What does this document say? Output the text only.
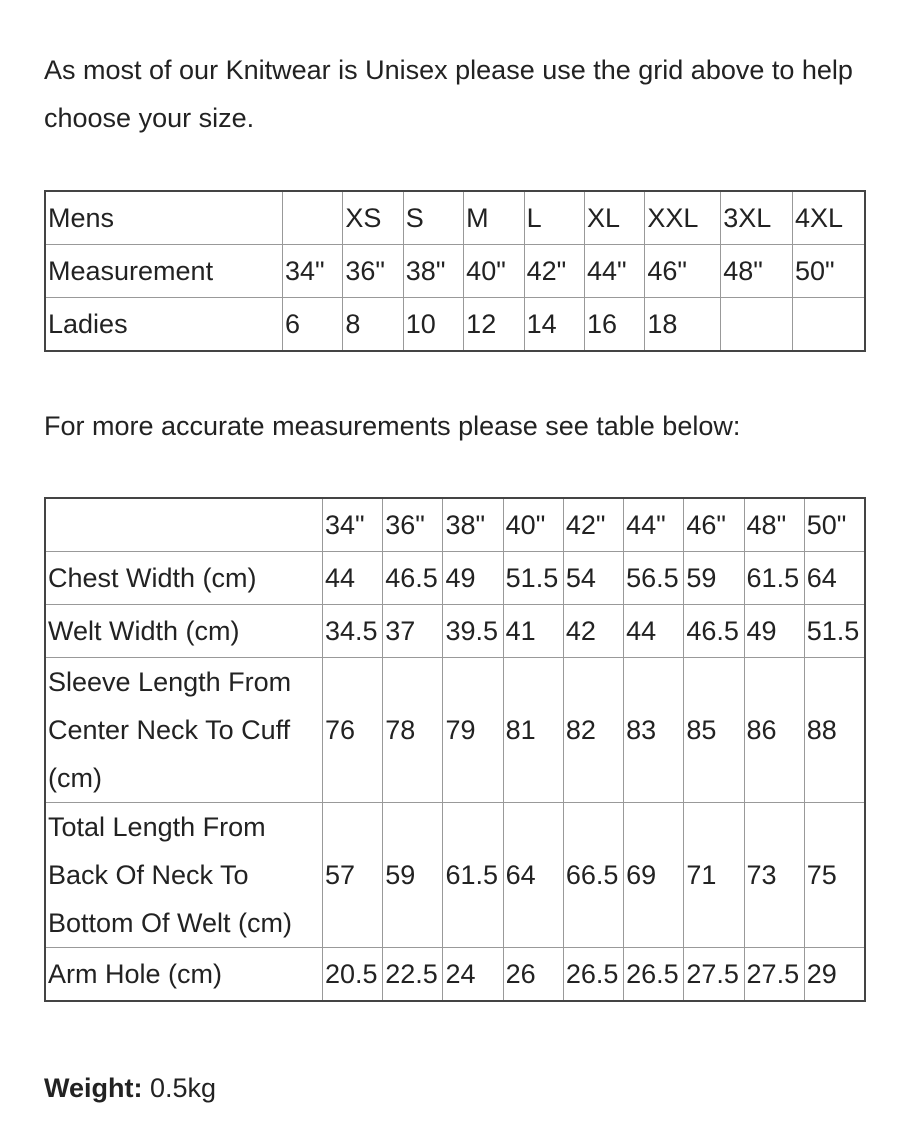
As most of our Knitwear is Unisex please use the grid above to help choose your size.

Mens		XS	S	M	L	XL	XXL	3XL	4XL
Measurement	34"	36"	38"	40"	42"	44"	46"	48"	50"
Ladies	6	8	10	12	14	16	18		

For more accurate measurements please see table below:

	34"	36"	38"	40"	42"	44"	46"	48"	50"
Chest Width (cm)	44	46.5	49	51.5	54	56.5	59	61.5	64
Welt Width (cm)	34.5	37	39.5	41	42	44	46.5	49	51.5
Sleeve Length From Center Neck To Cuff (cm)	76	78	79	81	82	83	85	86	88
Total Length From Back Of Neck To Bottom Of Welt (cm)	57	59	61.5	64	66.5	69	71	73	75
Arm Hole (cm)	20.5	22.5	24	26	26.5	26.5	27.5	27.5	29

Weight: 0.5kg
